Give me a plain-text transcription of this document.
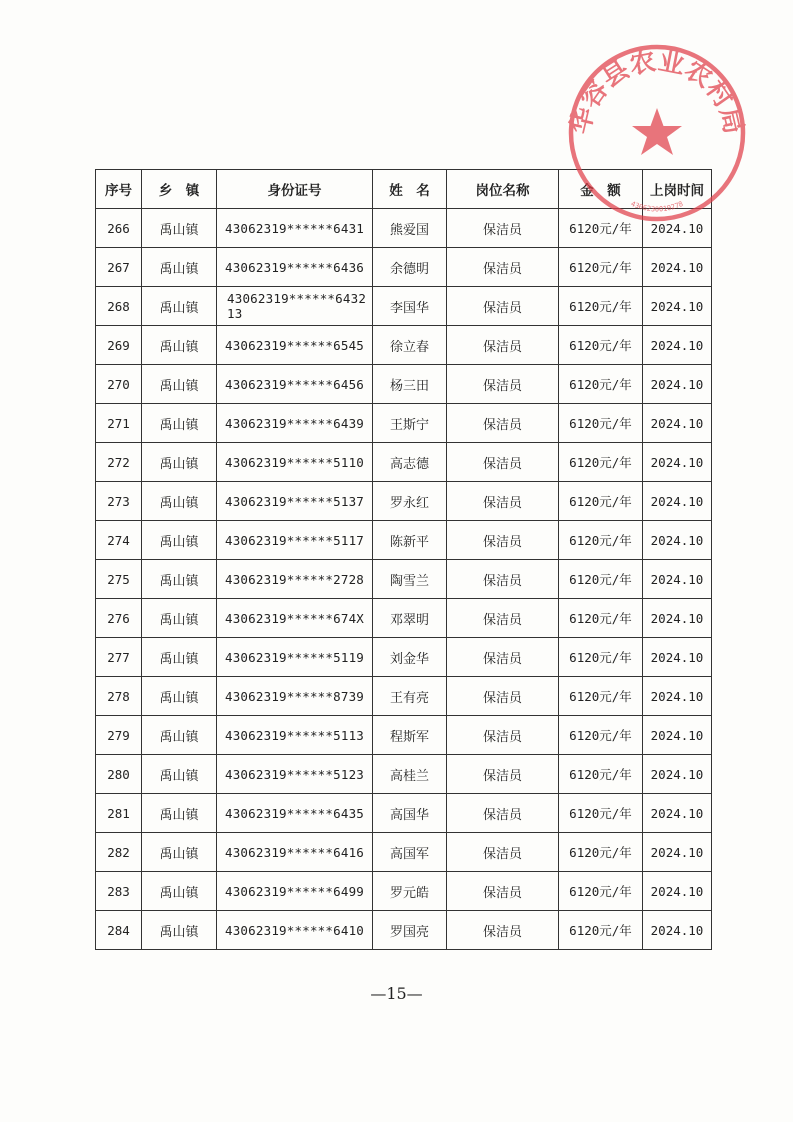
序号	乡　镇	身份证号	姓　名	岗位名称	金　额	上岗时间
266	禹山镇	43062319******6431	熊爱国	保洁员	6120元/年	2024.10
267	禹山镇	43062319******6436	余德明	保洁员	6120元/年	2024.10
268	禹山镇	43062319******643213	李国华	保洁员	6120元/年	2024.10
269	禹山镇	43062319******6545	徐立春	保洁员	6120元/年	2024.10
270	禹山镇	43062319******6456	杨三田	保洁员	6120元/年	2024.10
271	禹山镇	43062319******6439	王斯宁	保洁员	6120元/年	2024.10
272	禹山镇	43062319******5110	高志德	保洁员	6120元/年	2024.10
273	禹山镇	43062319******5137	罗永红	保洁员	6120元/年	2024.10
274	禹山镇	43062319******5117	陈新平	保洁员	6120元/年	2024.10
275	禹山镇	43062319******2728	陶雪兰	保洁员	6120元/年	2024.10
276	禹山镇	43062319******674X	邓翠明	保洁员	6120元/年	2024.10
277	禹山镇	43062319******5119	刘金华	保洁员	6120元/年	2024.10
278	禹山镇	43062319******8739	王有亮	保洁员	6120元/年	2024.10
279	禹山镇	43062319******5113	程斯军	保洁员	6120元/年	2024.10
280	禹山镇	43062319******5123	高桂兰	保洁员	6120元/年	2024.10
281	禹山镇	43062319******6435	高国华	保洁员	6120元/年	2024.10
282	禹山镇	43062319******6416	高国军	保洁员	6120元/年	2024.10
283	禹山镇	43062319******6499	罗元皓	保洁员	6120元/年	2024.10
284	禹山镇	43062319******6410	罗国亮	保洁员	6120元/年	2024.10
—15—
华容县农业农村局
4306230010278
